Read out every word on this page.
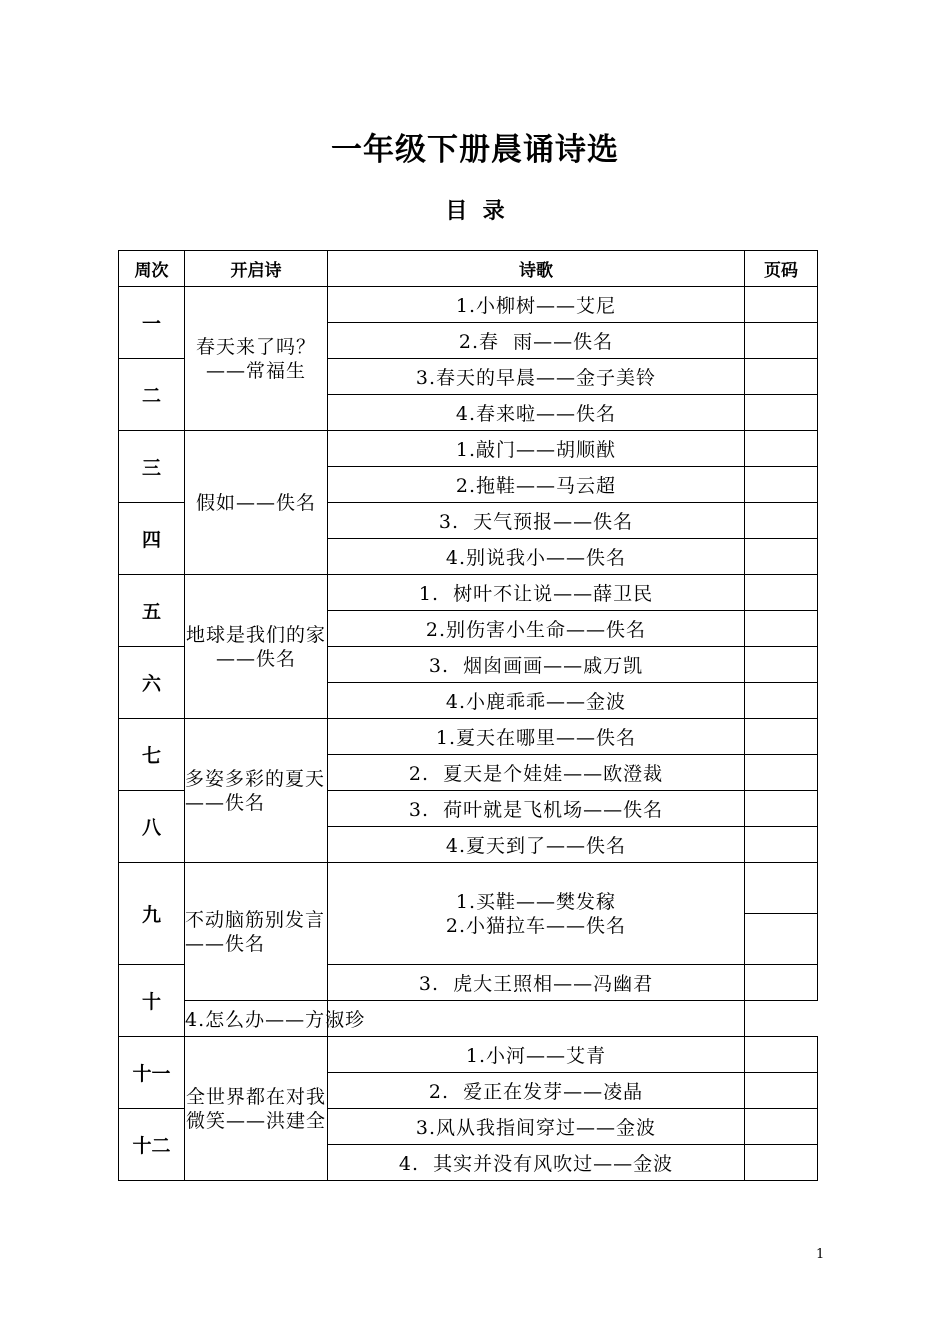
一年级下册晨诵诗选
目  录
周次	开启诗	诗歌	页码
一	春天来了吗？——常福生	1.小柳树——艾尼	
		2.春  雨——佚名	
二		3.春天的早晨——金子美铃	
		4.春来啦——佚名	
三	假如——佚名	1.敲门——胡顺猷	
		2.拖鞋——马云超	
四		3.  天气预报——佚名	
		4.别说我小——佚名	
五	地球是我们的家——佚名	1.  树叶不让说——薛卫民	
		2.别伤害小生命——佚名	
六		3.  烟囱画画——戚万凯	
		4.小鹿乖乖——金波	
七	多姿多彩的夏天——佚名	1.夏天在哪里——佚名	
		2.  夏天是个娃娃——欧澄裁	
八		3.  荷叶就是飞机场——佚名	
		4.夏天到了——佚名	
九	不动脑筋别发言——佚名	1.买鞋——樊发稼
2.小猫拉车——佚名	

十		3.  虎大王照相——冯幽君	
	4.怎么办——方淑珍		
十一	全世界都在对我微笑——洪建全	1.小河——艾青	
		2.  爱正在发芽——凌晶	
十二		3.风从我指间穿过——金波	
		4.  其实并没有风吹过——金波	
1
